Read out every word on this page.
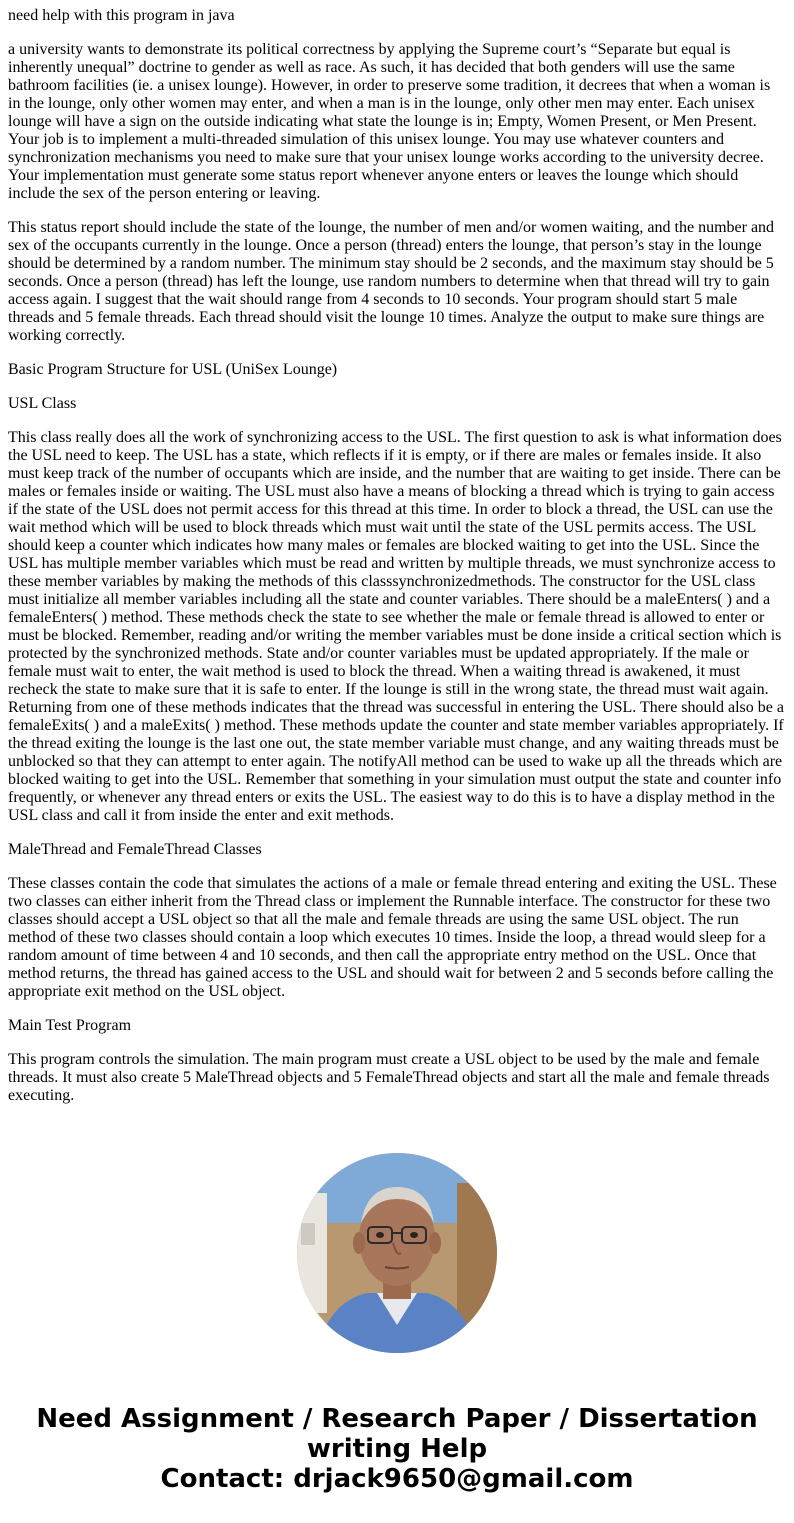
need help with this program in java

a university wants to demonstrate its political correctness by applying the Supreme court’s “Separate but equal is inherently unequal” doctrine to gender as well as race. As such, it has decided that both genders will use the same bathroom facilities (ie. a unisex lounge). However, in order to preserve some tradition, it decrees that when a woman is in the lounge, only other women may enter, and when a man is in the lounge, only other men may enter. Each unisex lounge will have a sign on the outside indicating what state the lounge is in; Empty, Women Present, or Men Present. Your job is to implement a multi-threaded simulation of this unisex lounge. You may use whatever counters and synchronization mechanisms you need to make sure that your unisex lounge works according to the university decree. Your implementation must generate some status report whenever anyone enters or leaves the lounge which should include the sex of the person entering or leaving.

This status report should include the state of the lounge, the number of men and/or women waiting, and the number and sex of the occupants currently in the lounge. Once a person (thread) enters the lounge, that person’s stay in the lounge should be determined by a random number. The minimum stay should be 2 seconds, and the maximum stay should be 5 seconds. Once a person (thread) has left the lounge, use random numbers to determine when that thread will try to gain access again. I suggest that the wait should range from 4 seconds to 10 seconds. Your program should start 5 male threads and 5 female threads. Each thread should visit the lounge 10 times. Analyze the output to make sure things are working correctly.

Basic Program Structure for USL (UniSex Lounge)

USL Class

This class really does all the work of synchronizing access to the USL. The first question to ask is what information does the USL need to keep. The USL has a state, which reflects if it is empty, or if there are males or females inside. It also must keep track of the number of occupants which are inside, and the number that are waiting to get inside. There can be males or females inside or waiting. The USL must also have a means of blocking a thread which is trying to gain access if the state of the USL does not permit access for this thread at this time. In order to block a thread, the USL can use the wait method which will be used to block threads which must wait until the state of the USL permits access. The USL should keep a counter which indicates how many males or females are blocked waiting to get into the USL. Since the USL has multiple member variables which must be read and written by multiple threads, we must synchronize access to these member variables by making the methods of this classsynchronizedmethods. The constructor for the USL class must initialize all member variables including all the state and counter variables. There should be a maleEnters( ) and a femaleEnters( ) method. These methods check the state to see whether the male or female thread is allowed to enter or must be blocked. Remember, reading and/or writing the member variables must be done inside a critical section which is protected by the synchronized methods. State and/or counter variables must be updated appropriately. If the male or female must wait to enter, the wait method is used to block the thread. When a waiting thread is awakened, it must recheck the state to make sure that it is safe to enter. If the lounge is still in the wrong state, the thread must wait again. Returning from one of these methods indicates that the thread was successful in entering the USL. There should also be a femaleExits( ) and a maleExits( ) method. These methods update the counter and state member variables appropriately. If the thread exiting the lounge is the last one out, the state member variable must change, and any waiting threads must be unblocked so that they can attempt to enter again. The notifyAll method can be used to wake up all the threads which are blocked waiting to get into the USL. Remember that something in your simulation must output the state and counter info frequently, or whenever any thread enters or exits the USL. The easiest way to do this is to have a display method in the USL class and call it from inside the enter and exit methods.

MaleThread and FemaleThread Classes

These classes contain the code that simulates the actions of a male or female thread entering and exiting the USL. These two classes can either inherit from the Thread class or implement the Runnable interface. The constructor for these two classes should accept a USL object so that all the male and female threads are using the same USL object. The run method of these two classes should contain a loop which executes 10 times. Inside the loop, a thread would sleep for a random amount of time between 4 and 10 seconds, and then call the appropriate entry method on the USL. Once that method returns, the thread has gained access to the USL and should wait for between 2 and 5 seconds before calling the appropriate exit method on the USL object.

Main Test Program

This program controls the simulation. The main program must create a USL object to be used by the male and female threads. It must also create 5 MaleThread objects and 5 FemaleThread objects and start all the male and female threads executing.

Need Assignment / Research Paper / Dissertation
writing Help
Contact: drjack9650@gmail.com
